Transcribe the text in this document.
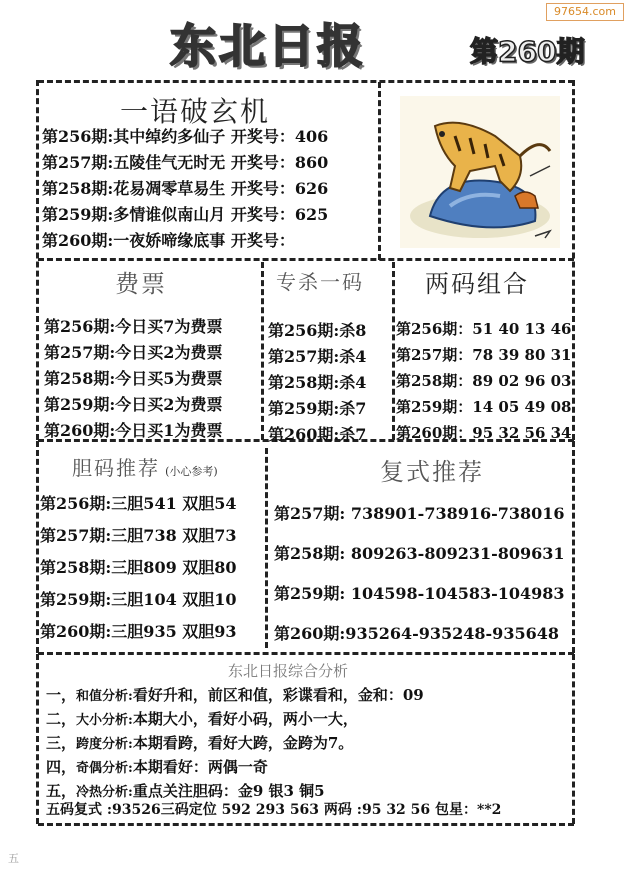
97654.com
东北日报	第260期
一语破玄机
第256期:其中绰约多仙子 开奖号：406
第257期:五陵佳气无时无 开奖号：860
第258期:花易凋零草易生 开奖号：626
第259期:多情谁似南山月 开奖号：625
第260期:一夜娇啼缘底事 开奖号：
费票
第256期:今日买7为费票
第257期:今日买2为费票
第258期:今日买5为费票
第259期:今日买2为费票
第260期:今日买1为费票
专杀一码
第256期:杀8
第257期:杀4
第258期:杀4
第259期:杀7
第260期:杀7
两码组合
第256期：51 40 13 46
第257期：78 39 80 31
第258期：89 02 96 03
第259期：14 05 49 08
第260期：95 32 56 34
胆码推荐 (小心参考)
第256期:三胆541 双胆54
第257期:三胆738 双胆73
第258期:三胆809 双胆80
第259期:三胆104 双胆10
第260期:三胆935 双胆93
复式推荐
第257期: 738901-738916-738016
第258期: 809263-809231-809631
第259期: 104598-104583-104983
第260期:935264-935248-935648
东北日报综合分析
一，和值分析:看好升和，前区和值，彩谍看和，金和：09
二，大小分析:本期大小，看好小码，两小一大，
三，跨度分析:本期看跨，看好大跨，金跨为7。
四，奇偶分析:本期看好：两偶一奇
五，冷热分析:重点关注胆码：金9 银3 铜5
五码复式 :93526三码定位 592 293 563 两码 :95 32 56 包星：**2
五
